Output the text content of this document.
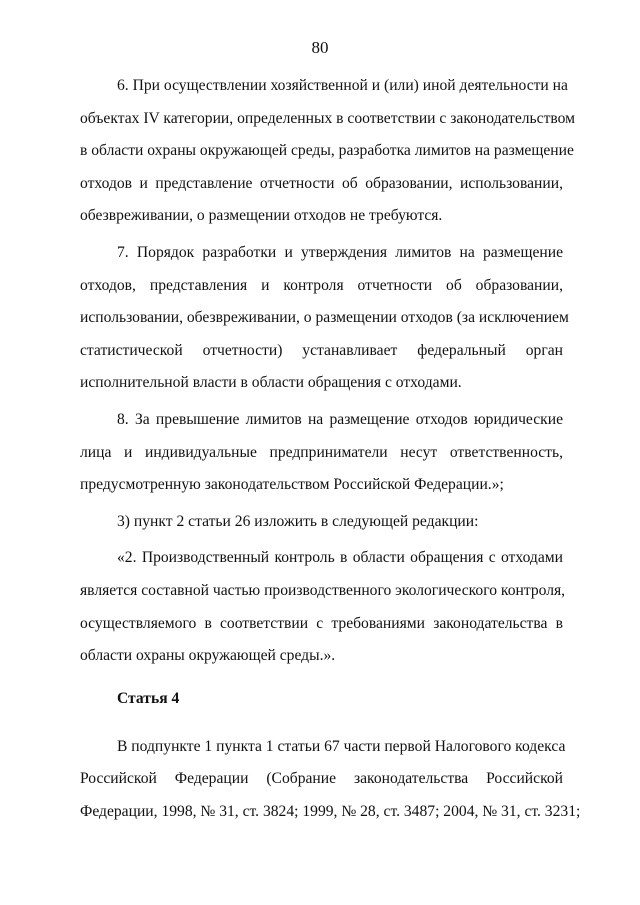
80
6. При осуществлении хозяйственной и (или) иной деятельности на
объектах IV категории, определенных в соответствии с законодательством
в области охраны окружающей среды, разработка лимитов на размещение
отходов и представление отчетности об образовании, использовании,
обезвреживании, о размещении отходов не требуются.
7. Порядок разработки и утверждения лимитов на размещение
отходов, представления и контроля отчетности об образовании,
использовании, обезвреживании, о размещении отходов (за исключением
статистической отчетности) устанавливает федеральный орган
исполнительной власти в области обращения с отходами.
8. За превышение лимитов на размещение отходов юридические
лица и индивидуальные предприниматели несут ответственность,
предусмотренную законодательством Российской Федерации.»;
3) пункт 2 статьи 26 изложить в следующей редакции:
«2. Производственный контроль в области обращения с отходами
является составной частью производственного экологического контроля,
осуществляемого в соответствии с требованиями законодательства в
области охраны окружающей среды.».
Статья 4
В подпункте 1 пункта 1 статьи 67 части первой Налогового кодекса
Российской Федерации (Собрание законодательства Российской
Федерации, 1998, № 31, ст. 3824; 1999, № 28, ст. 3487; 2004, № 31, ст. 3231;
